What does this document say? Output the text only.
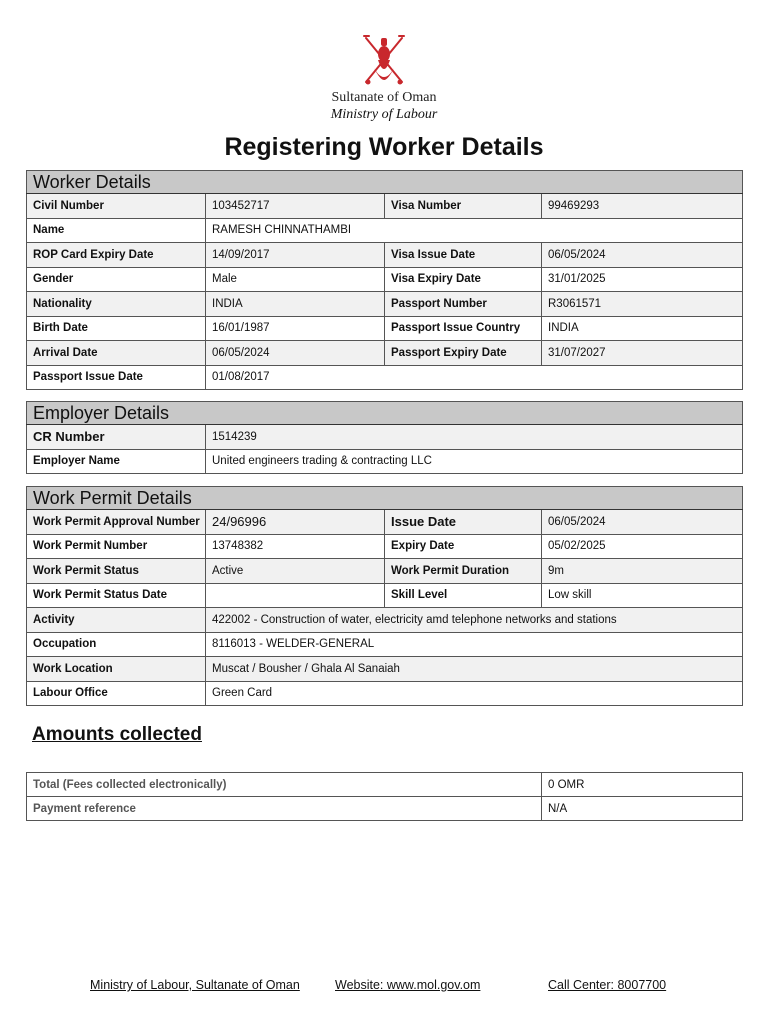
Sultanate of Oman
Ministry of Labour
Registering Worker Details
Worker Details			
Civil Number	103452717	Visa Number	99469293
Name	RAMESH CHINNATHAMBI		
ROP Card Expiry Date	14/09/2017	Visa Issue Date	06/05/2024
Gender	Male	Visa Expiry Date	31/01/2025
Nationality	INDIA	Passport Number	R3061571
Birth Date	16/01/1987	Passport Issue Country	INDIA
Arrival Date	06/05/2024	Passport Expiry Date	31/07/2027
Passport Issue Date	01/08/2017		
Employer Details	
CR Number	1514239
Employer Name	United engineers trading & contracting LLC
Work Permit Details			
Work Permit Approval Number	24/96996	Issue Date	06/05/2024
Work Permit Number	13748382	Expiry Date	05/02/2025
Work Permit Status	Active	Work Permit Duration	9m
Work Permit Status Date		Skill Level	Low skill
Activity	422002 - Construction of water, electricity amd telephone networks and stations		
Occupation	8116013 - WELDER-GENERAL		
Work Location	Muscat / Bousher / Ghala Al Sanaiah		
Labour Office	Green Card		
Amounts collected
Total (Fees collected electronically)	0 OMR
Payment reference	N/A
Ministry of Labour, Sultanate of Oman	Website: www.mol.gov.om	Call Center: 8007700
